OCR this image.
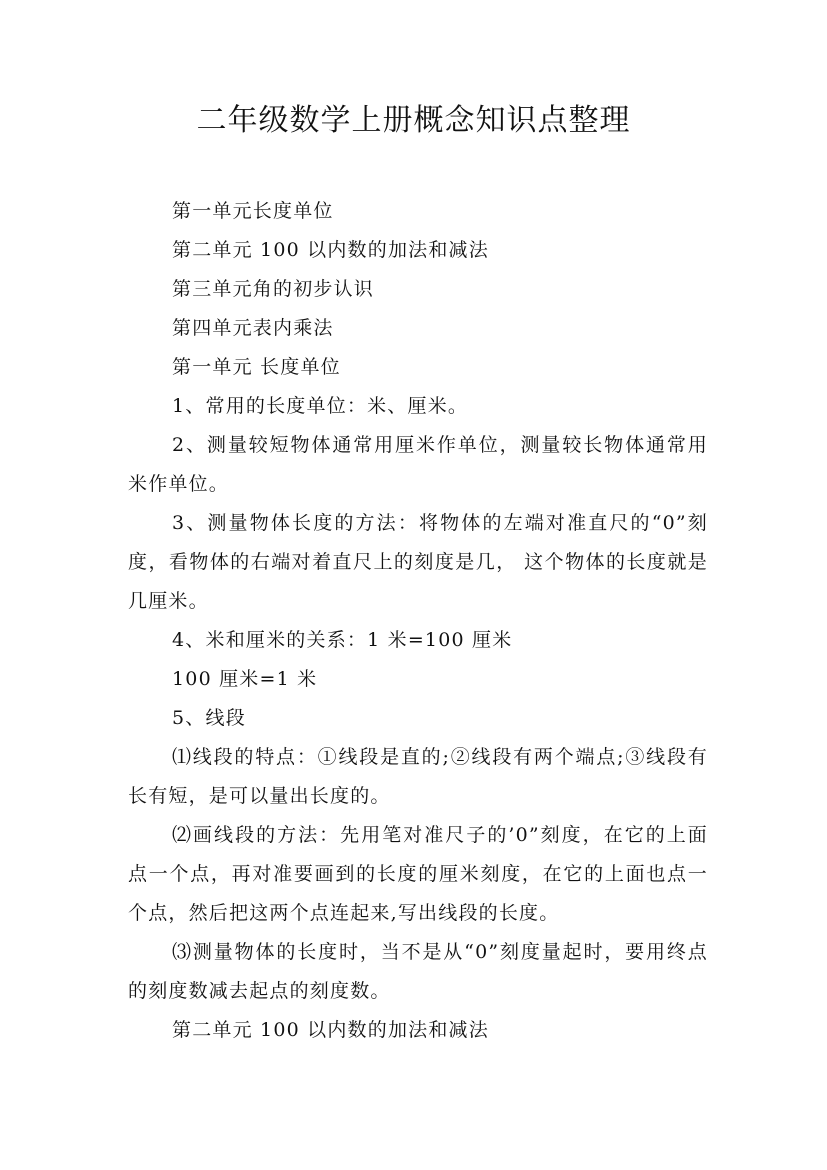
二年级数学上册概念知识点整理

第一单元长度单位

第二单元 100 以内数的加法和减法

第三单元角的初步认识

第四单元表内乘法

第一单元 长度单位

1、常用的长度单位：米、厘米。

2、测量较短物体通常用厘米作单位，测量较长物体通常用米作单位。

3、测量物体长度的方法：将物体的左端对准直尺的“0”刻度，看物体的右端对着直尺上的刻度是几， 这个物体的长度就是几厘米。

4、米和厘米的关系：1 米=100 厘米

100 厘米=1 米

5、线段

⑴线段的特点：①线段是直的;②线段有两个端点;③线段有长有短，是可以量出长度的。

⑵画线段的方法：先用笔对准尺子的’0”刻度，在它的上面点一个点，再对准要画到的长度的厘米刻度，在它的上面也点一个点，然后把这两个点连起来,写出线段的长度。

⑶测量物体的长度时，当不是从“0”刻度量起时，要用终点的刻度数减去起点的刻度数。

第二单元 100 以内数的加法和减法
